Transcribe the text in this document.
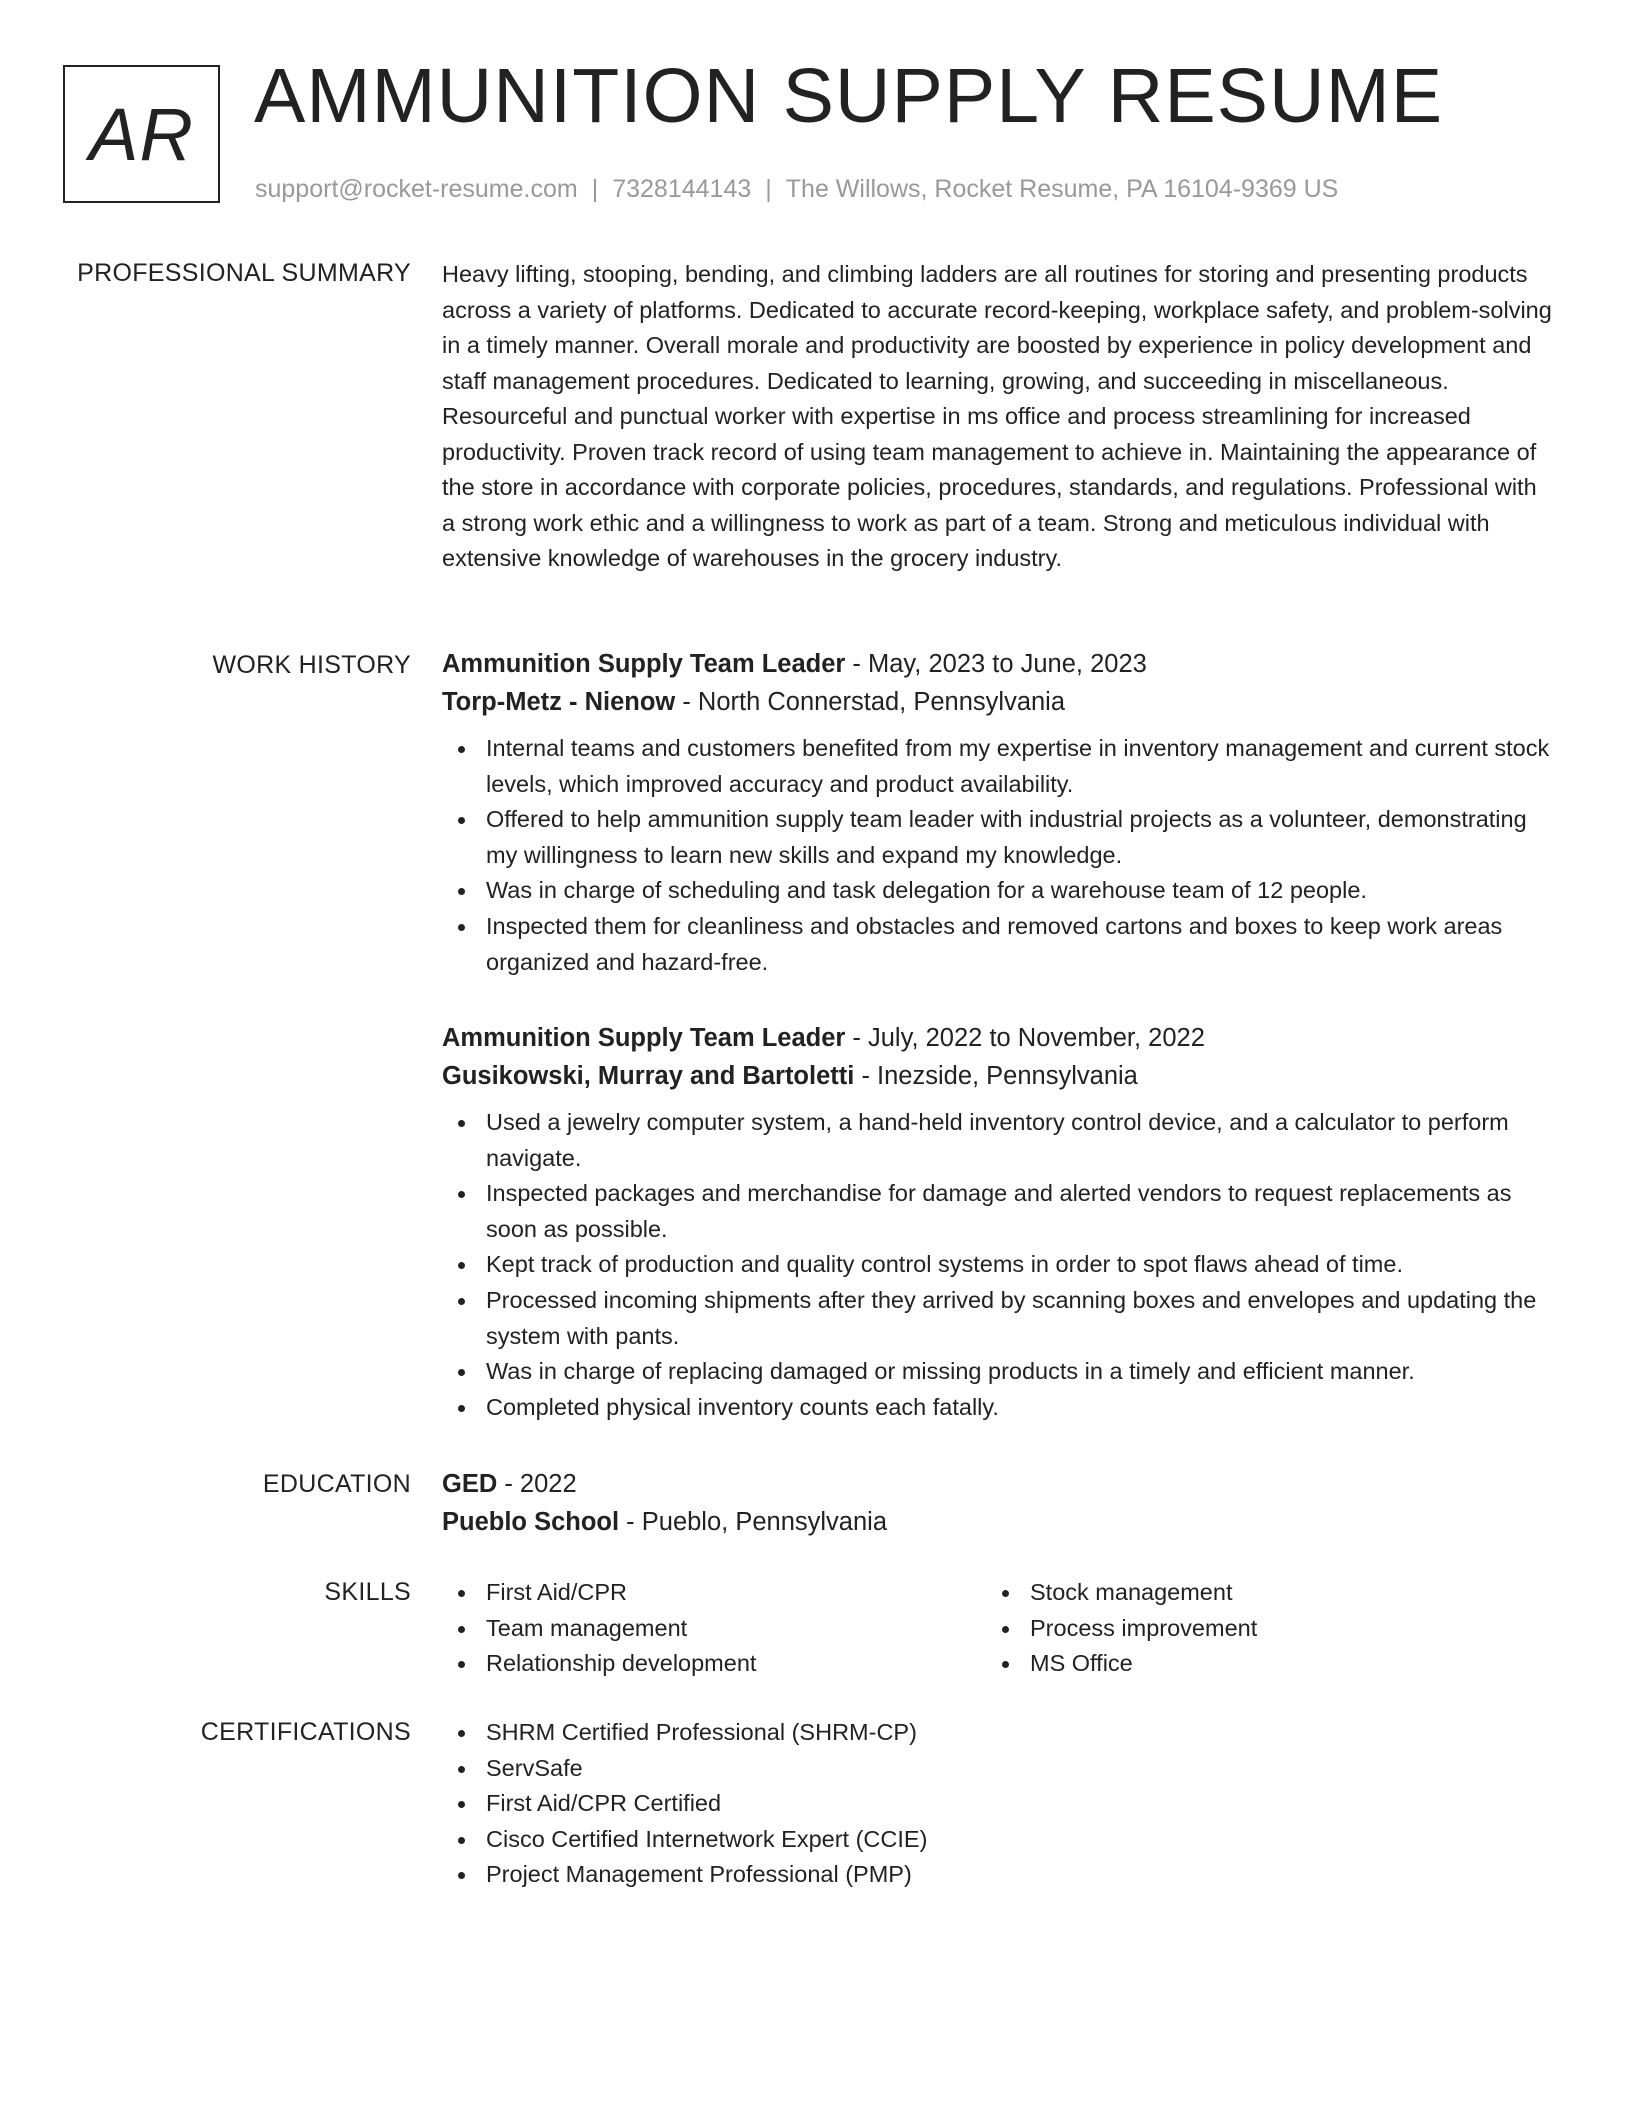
AR AMMUNITION SUPPLY RESUME
support@rocket-resume.com | 7328144143 | The Willows, Rocket Resume, PA 16104-9369 US
PROFESSIONAL SUMMARY Heavy lifting, stooping, bending, and climbing ladders are all routines for storing and presenting products across a variety of platforms. Dedicated to accurate record-keeping, workplace safety, and problem-solving in a timely manner. Overall morale and productivity are boosted by experience in policy development and staff management procedures. Dedicated to learning, growing, and succeeding in miscellaneous. Resourceful and punctual worker with expertise in ms office and process streamlining for increased productivity. Proven track record of using team management to achieve in. Maintaining the appearance of the store in accordance with corporate policies, procedures, standards, and regulations. Professional with a strong work ethic and a willingness to work as part of a team. Strong and meticulous individual with extensive knowledge of warehouses in the grocery industry.

WORK HISTORY Ammunition Supply Team Leader - May, 2023 to June, 2023
Torp-Metz - Nienow - North Connerstad, Pennsylvania
Internal teams and customers benefited from my expertise in inventory management and current stock levels, which improved accuracy and product availability.
Offered to help ammunition supply team leader with industrial projects as a volunteer, demonstrating my willingness to learn new skills and expand my knowledge.
Was in charge of scheduling and task delegation for a warehouse team of 12 people.
Inspected them for cleanliness and obstacles and removed cartons and boxes to keep work areas organized and hazard-free.
Ammunition Supply Team Leader - July, 2022 to November, 2022
Gusikowski, Murray and Bartoletti - Inezside, Pennsylvania
Used a jewelry computer system, a hand-held inventory control device, and a calculator to perform navigate.
Inspected packages and merchandise for damage and alerted vendors to request replacements as soon as possible.
Kept track of production and quality control systems in order to spot flaws ahead of time.
Processed incoming shipments after they arrived by scanning boxes and envelopes and updating the system with pants.
Was in charge of replacing damaged or missing products in a timely and efficient manner.
Completed physical inventory counts each fatally.
EDUCATION GED - 2022
Pueblo School - Pueblo, Pennsylvania
SKILLS	First Aid/CPR
Team management
Relationship development
Stock management
Process improvement
MS Office
CERTIFICATIONS	SHRM Certified Professional (SHRM-CP)
ServSafe
First Aid/CPR Certified
Cisco Certified Internetwork Expert (CCIE)
Project Management Professional (PMP)
